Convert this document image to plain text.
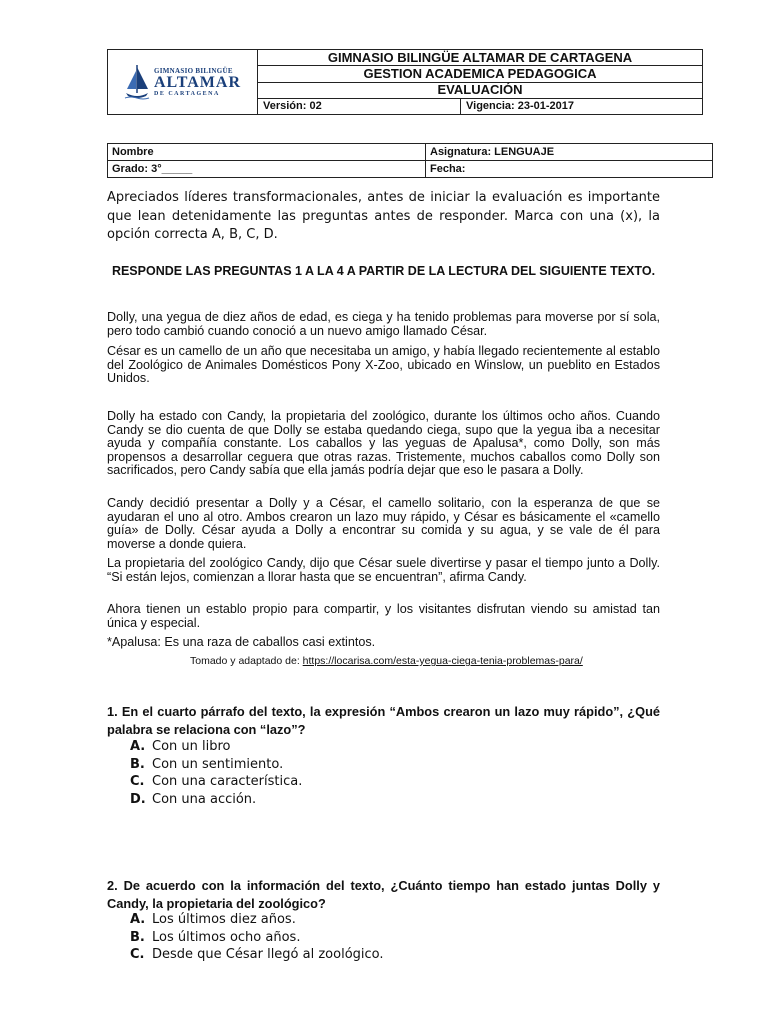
GIMNASIO BILINGÜE
ALTAMAR
DE CARTAGENA	GIMNASIO BILINGÜE ALTAMAR DE CARTAGENA	
	GESTION ACADEMICA PEDAGOGICA	
	EVALUACIÓN	
	Versión: 02	Vigencia: 23-01-2017
Nombre	Asignatura: LENGUAJE
Grado: 3°_____	Fecha:

Apreciados líderes transformacionales, antes de iniciar la evaluación es importante que lean detenidamente las preguntas antes de responder. Marca con una (x), la opción correcta A, B, C, D.

RESPONDE LAS PREGUNTAS 1 A LA 4 A PARTIR DE LA LECTURA DEL SIGUIENTE TEXTO.

Dolly, una yegua de diez años de edad, es ciega y ha tenido problemas para moverse por sí sola, pero todo cambió cuando conoció a un nuevo amigo llamado César.

César es un camello de un año que necesitaba un amigo, y había llegado recientemente al establo del Zoológico de Animales Domésticos Pony X-Zoo, ubicado en Winslow, un pueblito en Estados Unidos.

Dolly ha estado con Candy, la propietaria del zoológico, durante los últimos ocho años. Cuando Candy se dio cuenta de que Dolly se estaba quedando ciega, supo que la yegua iba a necesitar ayuda y compañía constante. Los caballos y las yeguas de Apalusa*, como Dolly, son más propensos a desarrollar ceguera que otras razas. Tristemente, muchos caballos como Dolly son sacrificados, pero Candy sabía que ella jamás podría dejar que eso le pasara a Dolly.

Candy decidió presentar a Dolly y a César, el camello solitario, con la esperanza de que se ayudaran el uno al otro. Ambos crearon un lazo muy rápido, y César es básicamente el «camello guía» de Dolly. César ayuda a Dolly a encontrar su comida y su agua, y se vale de él para moverse a donde quiera.

La propietaria del zoológico Candy, dijo que César suele divertirse y pasar el tiempo junto a Dolly. “Si están lejos, comienzan a llorar hasta que se encuentran”, afirma Candy.

Ahora tienen un establo propio para compartir, y los visitantes disfrutan viendo su amistad tan única y especial.

*Apalusa: Es una raza de caballos casi extintos.

Tomado y adaptado de: https://locarisa.com/esta-yegua-ciega-tenia-problemas-para/

1. En el cuarto párrafo del texto, la expresión “Ambos crearon un lazo muy rápido”, ¿Qué palabra se relaciona con “lazo”?

A. Con un libro
B. Con un sentimiento.
C. Con una característica.
D. Con una acción.

2. De acuerdo con la información del texto, ¿Cuánto tiempo han estado juntas Dolly y Candy, la propietaria del zoológico?

A. Los últimos diez años.
B. Los últimos ocho años.
C. Desde que César llegó al zoológico.
